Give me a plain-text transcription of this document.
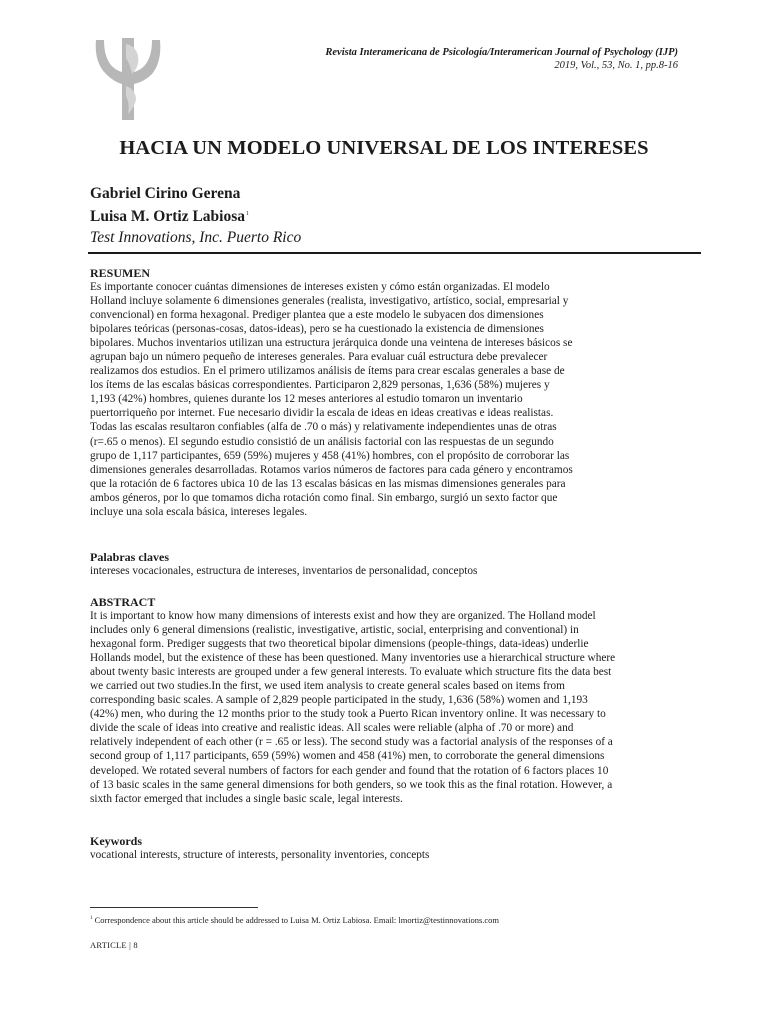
Revista Interamericana de Psicología/Interamerican Journal of Psychology (IJP)
2019, Vol., 53, No. 1, pp.8-16
HACIA UN MODELO UNIVERSAL DE LOS INTERESES
Gabriel Cirino Gerena
Luisa M. Ortiz Labiosa$^1$
Test Innovations, Inc. Puerto Rico
RESUMEN
Es importante conocer cuántas dimensiones de intereses existen y cómo están organizadas. El modelo
Holland incluye solamente 6 dimensiones generales (realista, investigativo, artístico, social, empresarial y
convencional) en forma hexagonal. Prediger plantea que a este modelo le subyacen dos dimensiones
bipolares teóricas (personas-cosas, datos-ideas), pero se ha cuestionado la existencia de dimensiones
bipolares. Muchos inventarios utilizan una estructura jerárquica donde una veintena de intereses básicos se
agrupan bajo un número pequeño de intereses generales. Para evaluar cuál estructura debe prevalecer
realizamos dos estudios. En el primero utilizamos análisis de ítems para crear escalas generales a base de
los ítems de las escalas básicas correspondientes. Participaron 2,829 personas, 1,636 (58%) mujeres y
1,193 (42%) hombres, quienes durante los 12 meses anteriores al estudio tomaron un inventario
puertorriqueño por internet. Fue necesario dividir la escala de ideas en ideas creativas e ideas realistas.
Todas las escalas resultaron confiables (alfa de .70 o más) y relativamente independientes unas de otras
(r=.65 o menos). El segundo estudio consistió de un análisis factorial con las respuestas de un segundo
grupo de 1,117 participantes, 659 (59%) mujeres y 458 (41%) hombres, con el propósito de corroborar las
dimensiones generales desarrolladas. Rotamos varios números de factores para cada género y encontramos
que la rotación de 6 factores ubica 10 de las 13 escalas básicas en las mismas dimensiones generales para
ambos géneros, por lo que tomamos dicha rotación como final. Sin embargo, surgió un sexto factor que
incluye una sola escala básica, intereses legales.
Palabras claves
intereses vocacionales, estructura de intereses, inventarios de personalidad, conceptos
ABSTRACT
It is important to know how many dimensions of interests exist and how they are organized. The Holland model
includes only 6 general dimensions (realistic, investigative, artistic, social, enterprising and conventional) in
hexagonal form. Prediger suggests that two theoretical bipolar dimensions (people-things, data-ideas) underlie
Hollands model, but the existence of these has been questioned. Many inventories use a hierarchical structure where
about twenty basic interests are grouped under a few general interests. To evaluate which structure fits the data best
we carried out two studies.In the first, we used item analysis to create general scales based on items from
corresponding basic scales. A sample of 2,829 people participated in the study, 1,636 (58%) women and 1,193
(42%) men, who during the 12 months prior to the study took a Puerto Rican inventory online. It was necessary to
divide the scale of ideas into creative and realistic ideas. All scales were reliable (alpha of .70 or more) and
relatively independent of each other (r = .65 or less). The second study was a factorial analysis of the responses of a
second group of 1,117 participants, 659 (59%) women and 458 (41%) men, to corroborate the general dimensions
developed. We rotated several numbers of factors for each gender and found that the rotation of 6 factors places 10
of 13 basic scales in the same general dimensions for both genders, so we took this as the final rotation. However, a
sixth factor emerged that includes a single basic scale, legal interests.
Keywords
vocational interests, structure of interests, personality inventories, concepts
$^1$ Correspondence about this article should be addressed to Luisa M. Ortiz Labiosa. Email: lmortiz@testinnovations.com
ARTICLE | 8
